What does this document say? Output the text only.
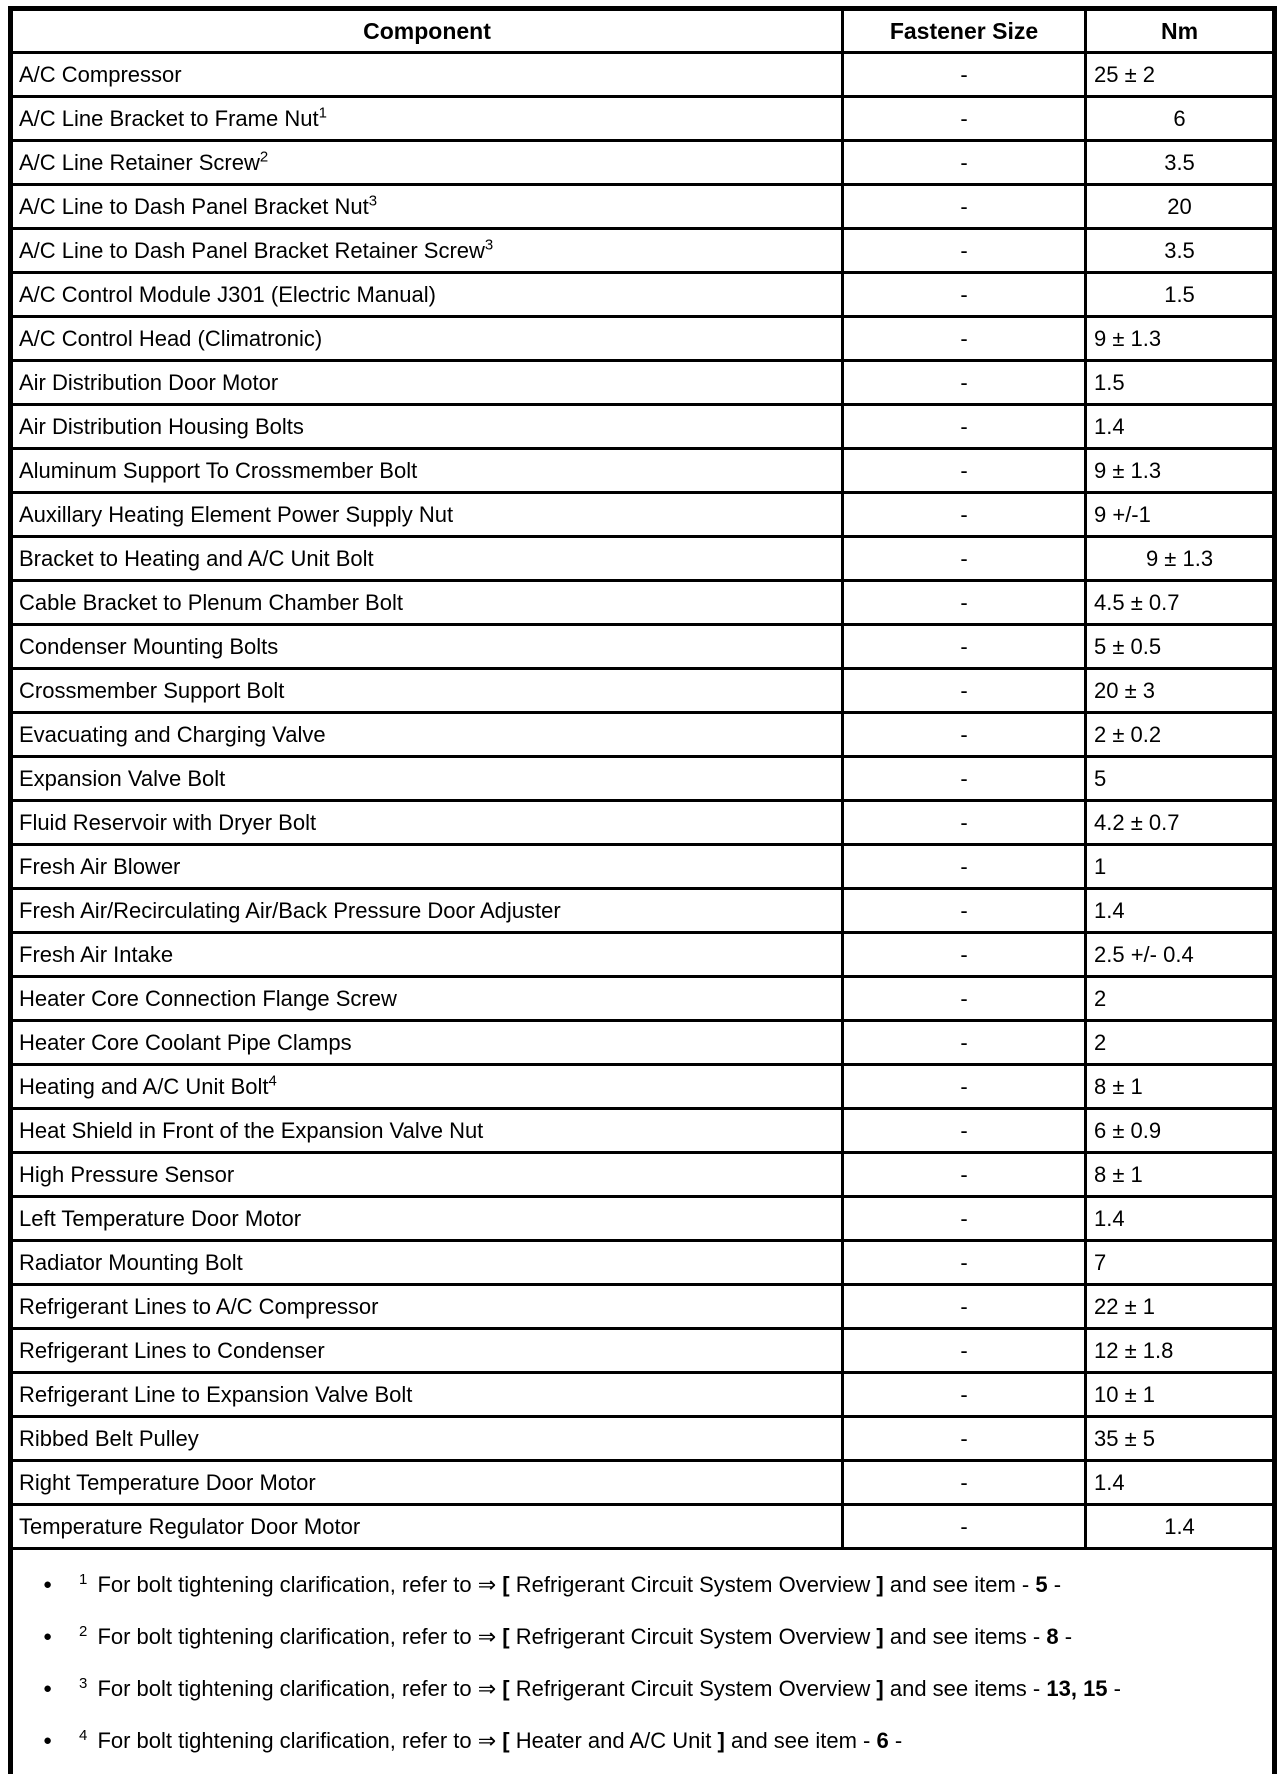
Component	Fastener Size	Nm
A/C Compressor	-	25 ± 2
A/C Line Bracket to Frame Nut$^1$	-	6
A/C Line Retainer Screw$^2$	-	3.5
A/C Line to Dash Panel Bracket Nut$^3$	-	20
A/C Line to Dash Panel Bracket Retainer Screw$^3$	-	3.5
A/C Control Module J301 (Electric Manual)	-	1.5
A/C Control Head (Climatronic)	-	9 ± 1.3
Air Distribution Door Motor	-	1.5
Air Distribution Housing Bolts	-	1.4
Aluminum Support To Crossmember Bolt	-	9 ± 1.3
Auxillary Heating Element Power Supply Nut	-	9 +/-1
Bracket to Heating and A/C Unit Bolt	-	9 ± 1.3
Cable Bracket to Plenum Chamber Bolt	-	4.5 ± 0.7
Condenser Mounting Bolts	-	5 ± 0.5
Crossmember Support Bolt	-	20 ± 3
Evacuating and Charging Valve	-	2 ± 0.2
Expansion Valve Bolt	-	5
Fluid Reservoir with Dryer Bolt	-	4.2 ± 0.7
Fresh Air Blower	-	1
Fresh Air/Recirculating Air/Back Pressure Door Adjuster	-	1.4
Fresh Air Intake	-	2.5 +/- 0.4
Heater Core Connection Flange Screw	-	2
Heater Core Coolant Pipe Clamps	-	2
Heating and A/C Unit Bolt$^4$	-	8 ± 1
Heat Shield in Front of the Expansion Valve Nut	-	6 ± 0.9
High Pressure Sensor	-	8 ± 1
Left Temperature Door Motor	-	1.4
Radiator Mounting Bolt	-	7
Refrigerant Lines to A/C Compressor	-	22 ± 1
Refrigerant Lines to Condenser	-	12 ± 1.8
Refrigerant Line to Expansion Valve Bolt	-	10 ± 1
Ribbed Belt Pulley	-	35 ± 5
Right Temperature Door Motor	-	1.4
Temperature Regulator Door Motor	-	1.4

●	$^1$ For bolt tightening clarification, refer to ⇒ [ Refrigerant Circuit System Overview ] and see item - 5 -
●	$^2$ For bolt tightening clarification, refer to ⇒ [ Refrigerant Circuit System Overview ] and see items - 8 -
●	$^3$ For bolt tightening clarification, refer to ⇒ [ Refrigerant Circuit System Overview ] and see items - 13, 15 -
●	$^4$ For bolt tightening clarification, refer to ⇒ [ Heater and A/C Unit ] and see item - 6 -
